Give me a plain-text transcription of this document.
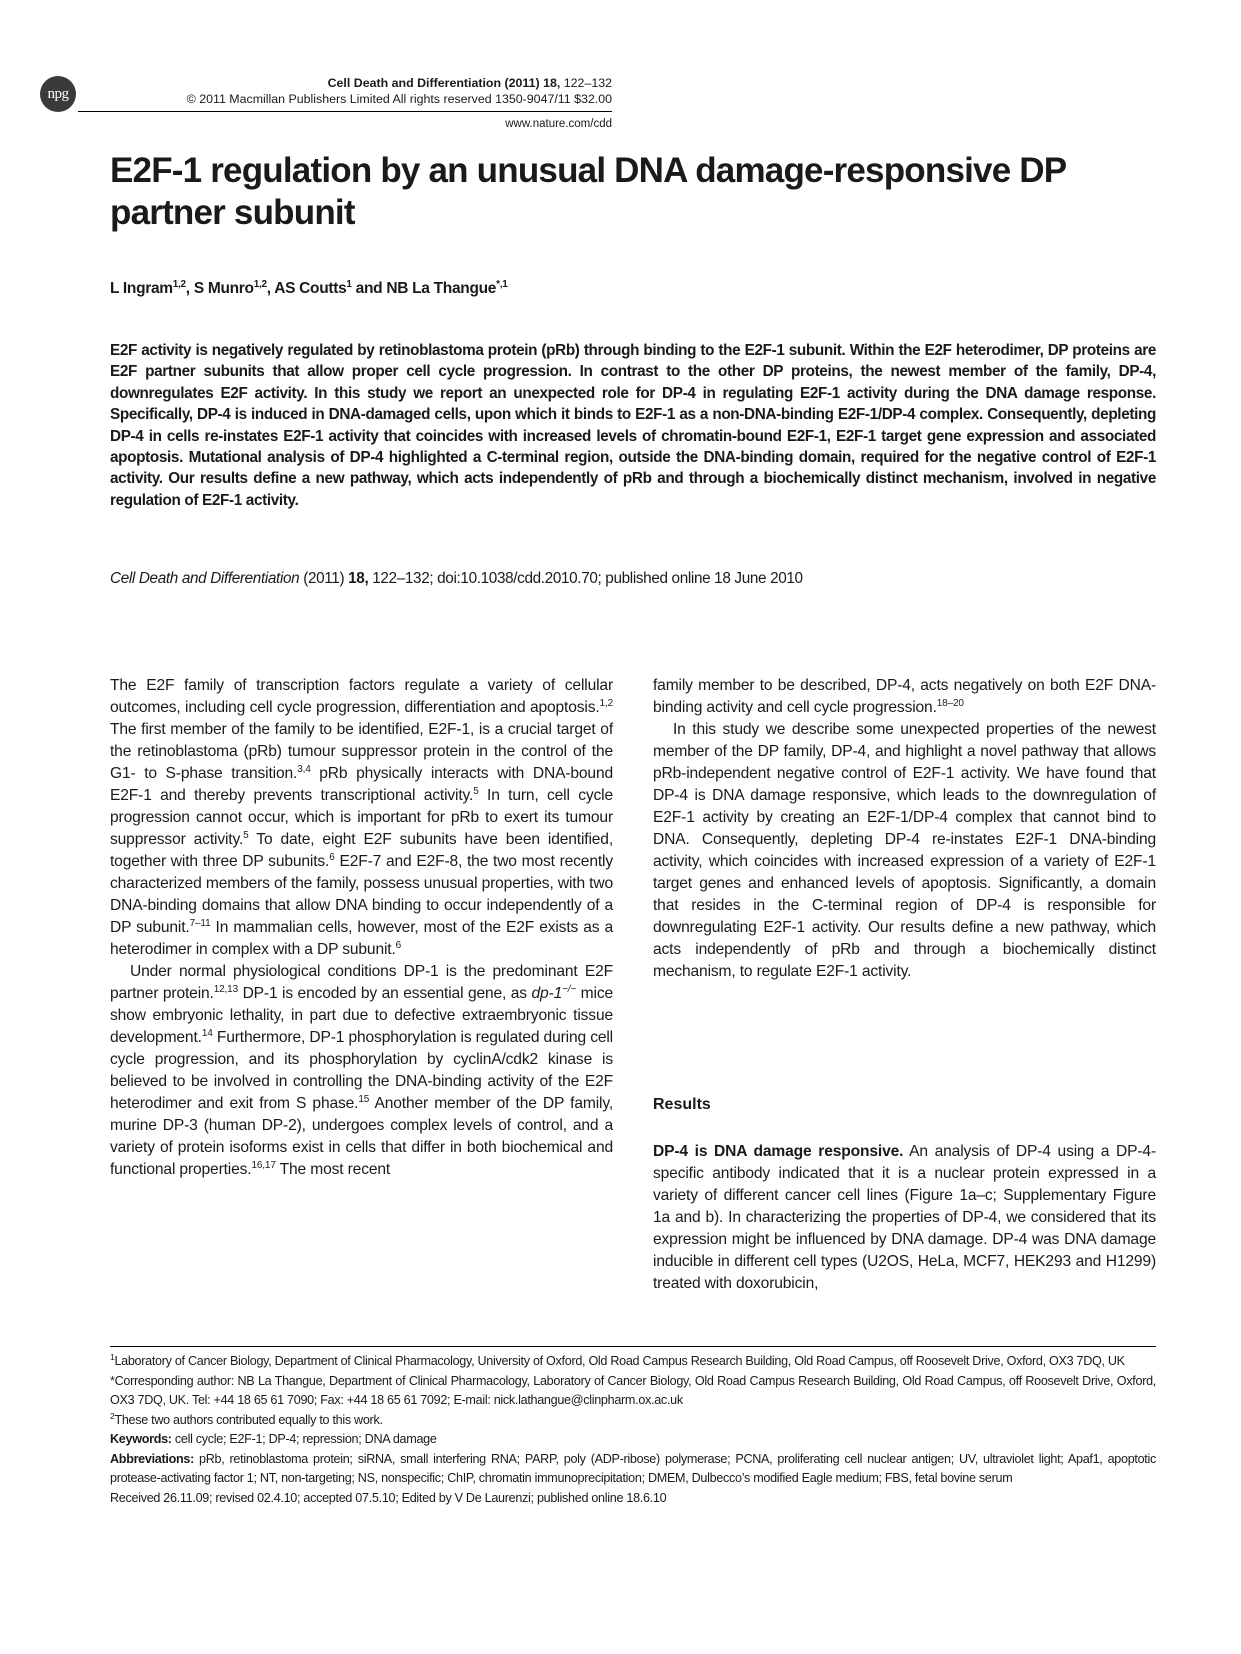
npg
Cell Death and Differentiation (2011) 18, 122–132
© 2011 Macmillan Publishers Limited All rights reserved 1350-9047/11 $32.00
www.nature.com/cdd
E2F-1 regulation by an unusual DNA damage-responsive DP partner subunit
L Ingram$^{1,2}$, S Munro$^{1,2}$, AS Coutts$^1$ and NB La Thangue$^{*,1}$
E2F activity is negatively regulated by retinoblastoma protein (pRb) through binding to the E2F-1 subunit. Within the E2F heterodimer, DP proteins are E2F partner subunits that allow proper cell cycle progression. In contrast to the other DP proteins, the newest member of the family, DP-4, downregulates E2F activity. In this study we report an unexpected role for DP-4 in regulating E2F-1 activity during the DNA damage response. Specifically, DP-4 is induced in DNA-damaged cells, upon which it binds to E2F-1 as a non-DNA-binding E2F-1/DP-4 complex. Consequently, depleting DP-4 in cells re-instates E2F-1 activity that coincides with increased levels of chromatin-bound E2F-1, E2F-1 target gene expression and associated apoptosis. Mutational analysis of DP-4 highlighted a C-terminal region, outside the DNA-binding domain, required for the negative control of E2F-1 activity. Our results define a new pathway, which acts independently of pRb and through a biochemically distinct mechanism, involved in negative regulation of E2F-1 activity.
Cell Death and Differentiation (2011) 18, 122–132; doi:10.1038/cdd.2010.70; published online 18 June 2010

The E2F family of transcription factors regulate a variety of cellular outcomes, including cell cycle progression, differentiation and apoptosis.$^{1,2}$ The first member of the family to be identified, E2F-1, is a crucial target of the retinoblastoma (pRb) tumour suppressor protein in the control of the G1- to S-phase transition.$^{3,4}$ pRb physically interacts with DNA-bound E2F-1 and thereby prevents transcriptional activity.$^5$ In turn, cell cycle progression cannot occur, which is important for pRb to exert its tumour suppressor activity.$^5$ To date, eight E2F subunits have been identified, together with three DP subunits.$^6$ E2F-7 and E2F-8, the two most recently characterized members of the family, possess unusual properties, with two DNA-binding domains that allow DNA binding to occur independently of a DP subunit.$^{7-11}$ In mammalian cells, however, most of the E2F exists as a heterodimer in complex with a DP subunit.$^6$

Under normal physiological conditions DP-1 is the predominant E2F partner protein.$^{12,13}$ DP-1 is encoded by an essential gene, as dp-1−/− mice show embryonic lethality, in part due to defective extraembryonic tissue development.$^{14}$ Furthermore, DP-1 phosphorylation is regulated during cell cycle progression, and its phosphorylation by cyclinA/cdk2 kinase is believed to be involved in controlling the DNA-binding activity of the E2F heterodimer and exit from S phase.$^{15}$ Another member of the DP family, murine DP-3 (human DP-2), undergoes complex levels of control, and a variety of protein isoforms exist in cells that differ in both biochemical and functional properties.$^{16,17}$ The most recent

family member to be described, DP-4, acts negatively on both E2F DNA-binding activity and cell cycle progression.$^{18-20}$

In this study we describe some unexpected properties of the newest member of the DP family, DP-4, and highlight a novel pathway that allows pRb-independent negative control of E2F-1 activity. We have found that DP-4 is DNA damage responsive, which leads to the downregulation of E2F-1 activity by creating an E2F-1/DP-4 complex that cannot bind to DNA. Consequently, depleting DP-4 re-instates E2F-1 DNA-binding activity, which coincides with increased expression of a variety of E2F-1 target genes and enhanced levels of apoptosis. Significantly, a domain that resides in the C-terminal region of DP-4 is responsible for downregulating E2F-1 activity. Our results define a new pathway, which acts independently of pRb and through a biochemically distinct mechanism, to regulate E2F-1 activity.

Results
DP-4 is DNA damage responsive. An analysis of DP-4 using a DP-4-specific antibody indicated that it is a nuclear protein expressed in a variety of different cancer cell lines (Figure 1a–c; Supplementary Figure 1a and b). In characterizing the properties of DP-4, we considered that its expression might be influenced by DNA damage. DP-4 was DNA damage inducible in different cell types (U2OS, HeLa, MCF7, HEK293 and H1299) treated with doxorubicin,

$^1$Laboratory of Cancer Biology, Department of Clinical Pharmacology, University of Oxford, Old Road Campus Research Building, Old Road Campus, off Roosevelt Drive, Oxford, OX3 7DQ, UK

*Corresponding author: NB La Thangue, Department of Clinical Pharmacology, Laboratory of Cancer Biology, Old Road Campus Research Building, Old Road Campus, off Roosevelt Drive, Oxford, OX3 7DQ, UK. Tel: +44 18 65 61 7090; Fax: +44 18 65 61 7092; E-mail: nick.lathangue@clinpharm.ox.ac.uk

$^2$These two authors contributed equally to this work.

Keywords: cell cycle; E2F-1; DP-4; repression; DNA damage

Abbreviations: pRb, retinoblastoma protein; siRNA, small interfering RNA; PARP, poly (ADP-ribose) polymerase; PCNA, proliferating cell nuclear antigen; UV, ultraviolet light; Apaf1, apoptotic protease-activating factor 1; NT, non-targeting; NS, nonspecific; ChIP, chromatin immunoprecipitation; DMEM, Dulbecco’s modified Eagle medium; FBS, fetal bovine serum

Received 26.11.09; revised 02.4.10; accepted 07.5.10; Edited by V De Laurenzi; published online 18.6.10
